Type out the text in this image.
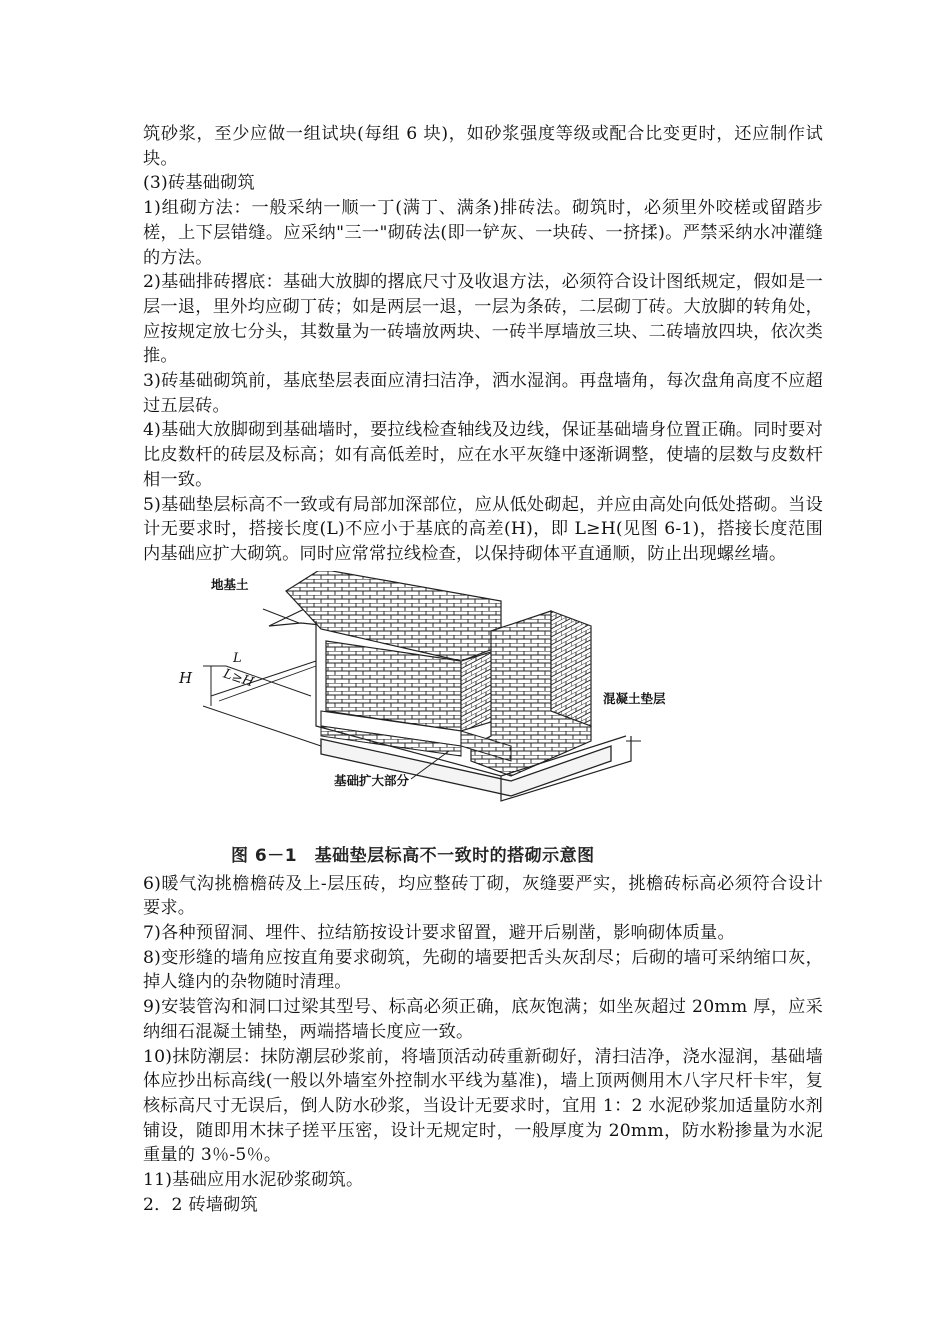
筑砂浆，至少应做一组试块(每组 6 块)，如砂浆强度等级或配合比变更时，还应制作试块。

(3)砖基础砌筑

1)组砌方法：一般采纳一顺一丁(满丁、满条)排砖法。砌筑时，必须里外咬槎或留踏步槎，上下层错缝。应采纳"三一"砌砖法(即一铲灰、一块砖、一挤揉)。严禁采纳水冲灌缝的方法。

2)基础排砖撂底：基础大放脚的撂底尺寸及收退方法，必须符合设计图纸规定，假如是一层一退，里外均应砌丁砖；如是两层一退，一层为条砖，二层砌丁砖。大放脚的转角处，应按规定放七分头，其数量为一砖墙放两块、一砖半厚墙放三块、二砖墙放四块，依次类推。

3)砖基础砌筑前，基底垫层表面应清扫洁净，洒水湿润。再盘墙角，每次盘角高度不应超过五层砖。

4)基础大放脚砌到基础墙时，要拉线检查轴线及边线，保证基础墙身位置正确。同时要对比皮数杆的砖层及标高；如有高低差时，应在水平灰缝中逐渐调整，使墙的层数与皮数杆相一致。

5)基础垫层标高不一致或有局部加深部位，应从低处砌起，并应由高处向低处搭砌。当设计无要求时，搭接长度(L)不应小于基底的高差(H)，即 L≥H(见图 6-1)，搭接长度范围内基础应扩大砌筑。同时应常常拉线检查，以保持砌体平直通顺，防止出现螺丝墙。

地基土
混凝土垫层
基础扩大部分
H
L
L≥H

图 6－1　基础垫层标高不一致时的搭砌示意图

6)暖气沟挑檐檐砖及上-层压砖，均应整砖丁砌，灰缝要严实，挑檐砖标高必须符合设计要求。

7)各种预留洞、埋件、拉结筋按设计要求留置，避开后剔凿，影响砌体质量。

8)变形缝的墙角应按直角要求砌筑，先砌的墙要把舌头灰刮尽；后砌的墙可采纳缩口灰，掉人缝内的杂物随时清理。

9)安装管沟和洞口过梁其型号、标高必须正确，底灰饱满；如坐灰超过 20mm 厚，应采纳细石混凝土铺垫，两端搭墙长度应一致。

10)抹防潮层：抹防潮层砂浆前，将墙顶活动砖重新砌好，清扫洁净，浇水湿润，基础墙体应抄出标高线(一般以外墙室外控制水平线为墓准)，墙上顶两侧用木八字尺杆卡牢，复核标高尺寸无误后，倒人防水砂浆，当设计无要求时，宜用 1：2 水泥砂浆加适量防水剂铺设，随即用木抹子搓平压密，设计无规定时，一般厚度为 20mm，防水粉掺量为水泥重量的 3％-5％。

11)基础应用水泥砂浆砌筑。

2．2 砖墙砌筑
